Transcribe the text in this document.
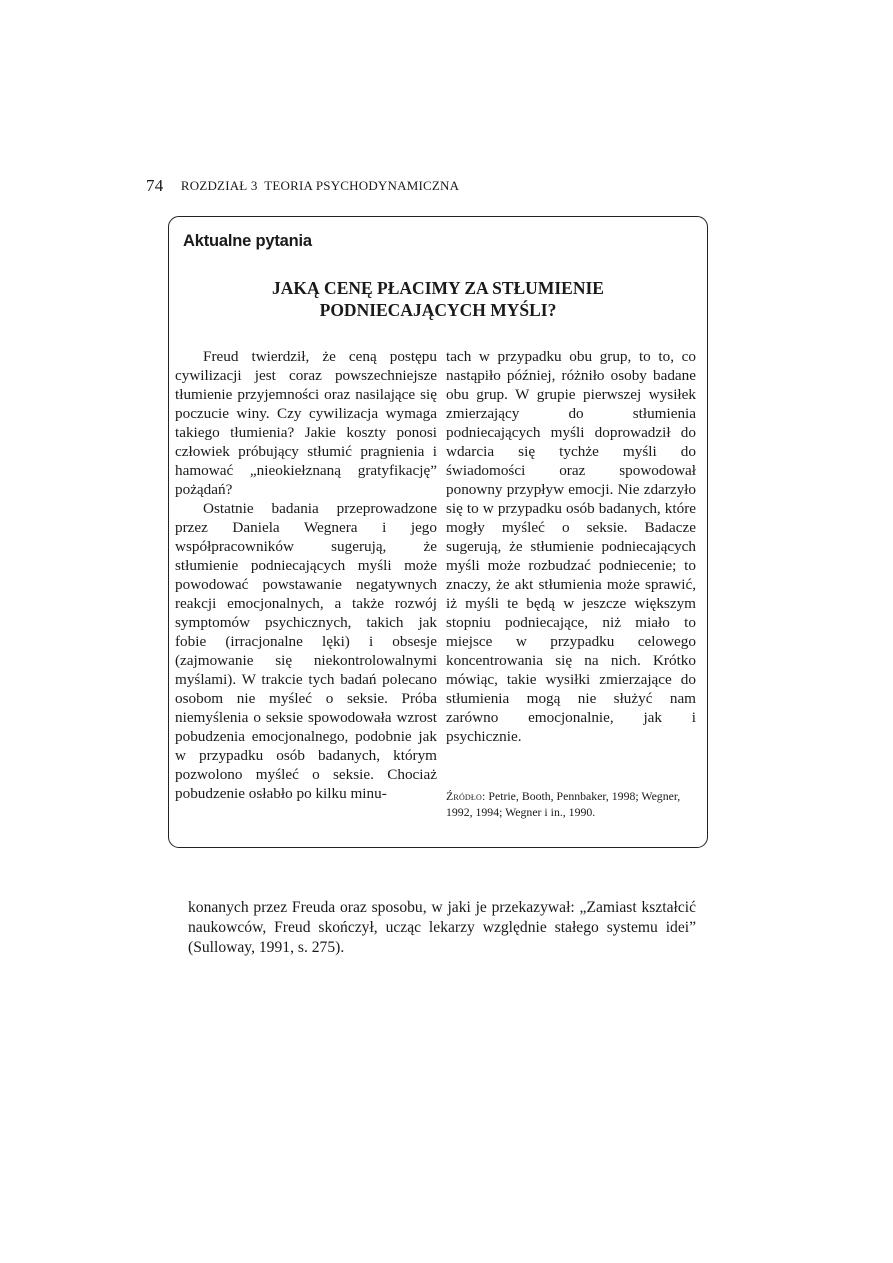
74 ROZDZIAŁ 3  TEORIA PSYCHODYNAMICZNA
Aktualne pytania
JAKĄ CENĘ PŁACIMY ZA STŁUMIENIE
PODNIECAJĄCYCH MYŚLI?

Freud twierdził, że ceną postępu cywilizacji jest coraz powszechniejsze tłumienie przyjemności oraz nasilające się poczucie winy. Czy cywilizacja wymaga takiego tłumienia? Jakie koszty ponosi człowiek próbujący stłumić pragnienia i hamować „nieokiełznaną gratyfikację” pożądań?

Ostatnie badania przeprowadzone przez Daniela Wegnera i jego współpracowników sugerują, że stłumienie podniecających myśli może powodować powstawanie negatywnych reakcji emocjonalnych, a także rozwój symptomów psychicznych, takich jak fobie (irracjonalne lęki) i obsesje (zajmowanie się niekontrolowalnymi myślami). W trakcie tych badań polecano osobom nie myśleć o seksie. Próba niemyślenia o seksie spowodowała wzrost pobudzenia emocjonalnego, podobnie jak w przypadku osób badanych, którym pozwolono myśleć o seksie. Chociaż pobudzenie osłabło po kilku minu-

tach w przypadku obu grup, to to, co nastąpiło później, różniło osoby badane obu grup. W grupie pierwszej wysiłek zmierzający do stłumienia podniecających myśli doprowadził do wdarcia się tychże myśli do świadomości oraz spowodował ponowny przypływ emocji. Nie zdarzyło się to w przypadku osób badanych, które mogły myśleć o seksie. Badacze sugerują, że stłumienie podniecających myśli może rozbudzać podniecenie; to znaczy, że akt stłumienia może sprawić, iż myśli te będą w jeszcze większym stopniu podniecające, niż miało to miejsce w przypadku celowego koncentrowania się na nich. Krótko mówiąc, takie wysiłki zmierzające do stłumienia mogą nie służyć nam zarówno emocjonalnie, jak i psychicznie.

Źródło: Petrie, Booth, Pennbaker, 1998; Wegner, 1992, 1994; Wegner i in., 1990.
konanych przez Freuda oraz sposobu, w jaki je przekazywał: „Zamiast kształcić naukowców, Freud skończył, ucząc lekarzy względnie stałego systemu idei” (Sulloway, 1991, s. 275).
